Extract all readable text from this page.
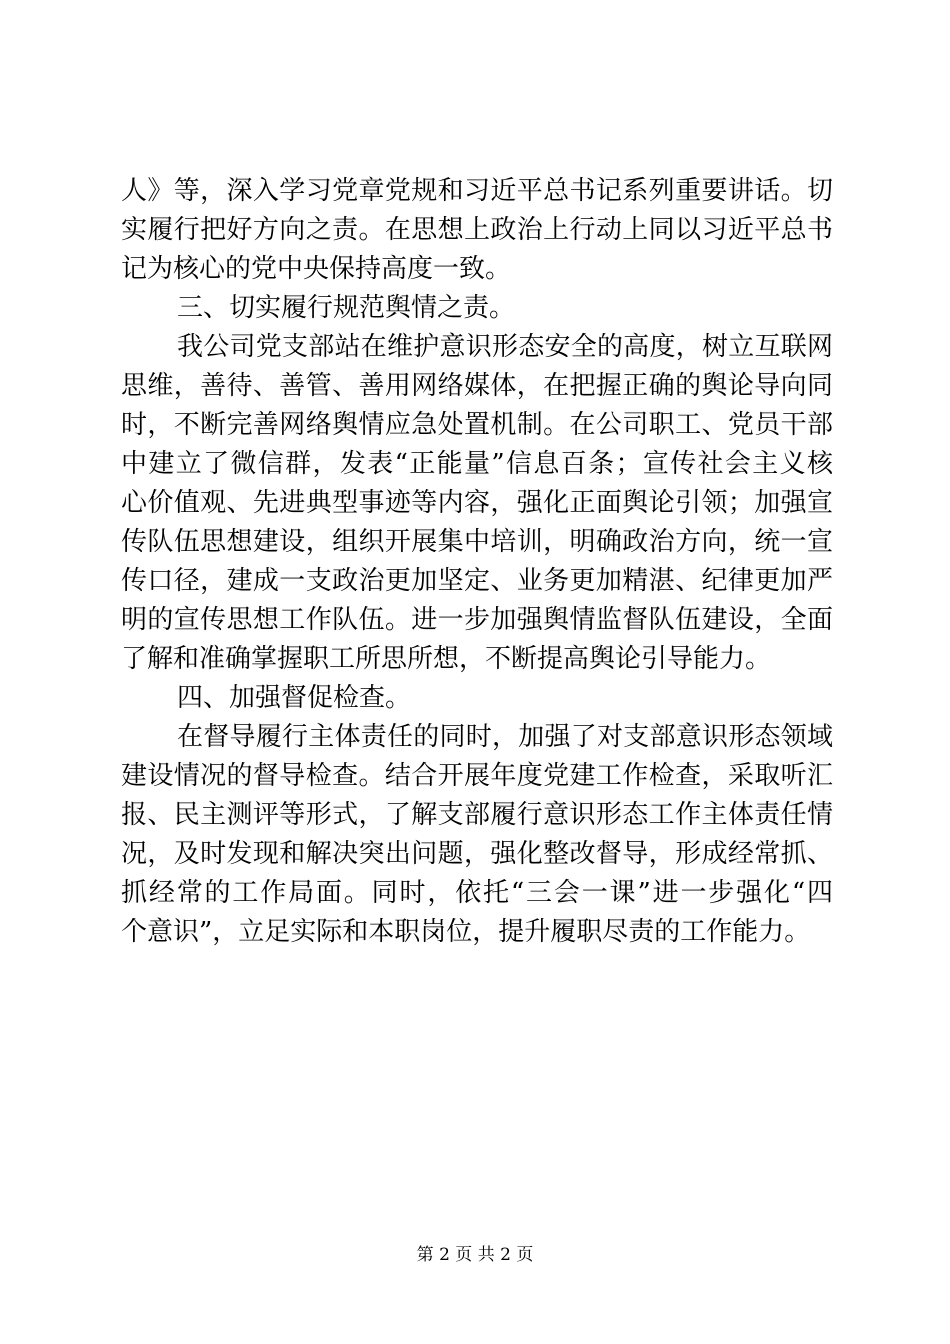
人》等，深入学习党章党规和习近平总书记系列重要讲话。切
实履行把好方向之责。在思想上政治上行动上同以习近平总书
记为核心的党中央保持高度一致。
三、切实履行规范舆情之责。
我公司党支部站在维护意识形态安全的高度，树立互联网
思维，善待、善管、善用网络媒体，在把握正确的舆论导向同
时，不断完善网络舆情应急处置机制。在公司职工、党员干部
中建立了微信群，发表“正能量”信息百条；宣传社会主义核
心价值观、先进典型事迹等内容，强化正面舆论引领；加强宣
传队伍思想建设，组织开展集中培训，明确政治方向，统一宣
传口径，建成一支政治更加坚定、业务更加精湛、纪律更加严
明的宣传思想工作队伍。进一步加强舆情监督队伍建设，全面
了解和准确掌握职工所思所想，不断提高舆论引导能力。
四、加强督促检查。
在督导履行主体责任的同时，加强了对支部意识形态领域
建设情况的督导检查。结合开展年度党建工作检查，采取听汇
报、民主测评等形式，了解支部履行意识形态工作主体责任情
况，及时发现和解决突出问题，强化整改督导，形成经常抓、
抓经常的工作局面。同时，依托“三会一课”进一步强化“四
个意识”，立足实际和本职岗位，提升履职尽责的工作能力。
第 2 页 共 2 页
